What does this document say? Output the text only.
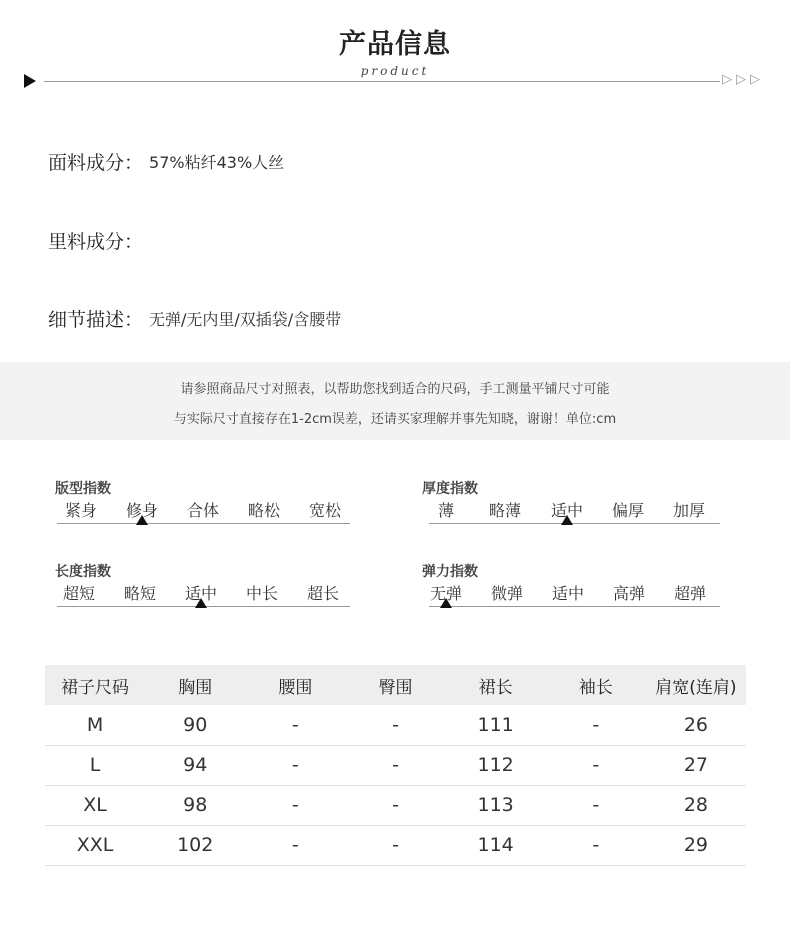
产品信息
product
▷▷▷
面料成分： 57%粘纤43%人丝
里料成分：
细节描述： 无弹/无内里/双插袋/含腰带

请参照商品尺寸对照表，以帮助您找到适合的尺码，手工测量平铺尺寸可能

与实际尺寸直接存在1-2cm误差，还请买家理解并事先知晓，谢谢！单位:cm

版型指数
紧身	修身	合体	略松	宽松
厚度指数
薄	略薄	适中	偏厚	加厚
长度指数
超短	略短	适中	中长	超长
弹力指数
无弹	微弹	适中	高弹	超弹
裙子尺码	胸围	腰围	臀围	裙长	袖长	肩宽(连肩)
M	90	-	-	111	-	26
L	94	-	-	112	-	27
XL	98	-	-	113	-	28
XXL	102	-	-	114	-	29
